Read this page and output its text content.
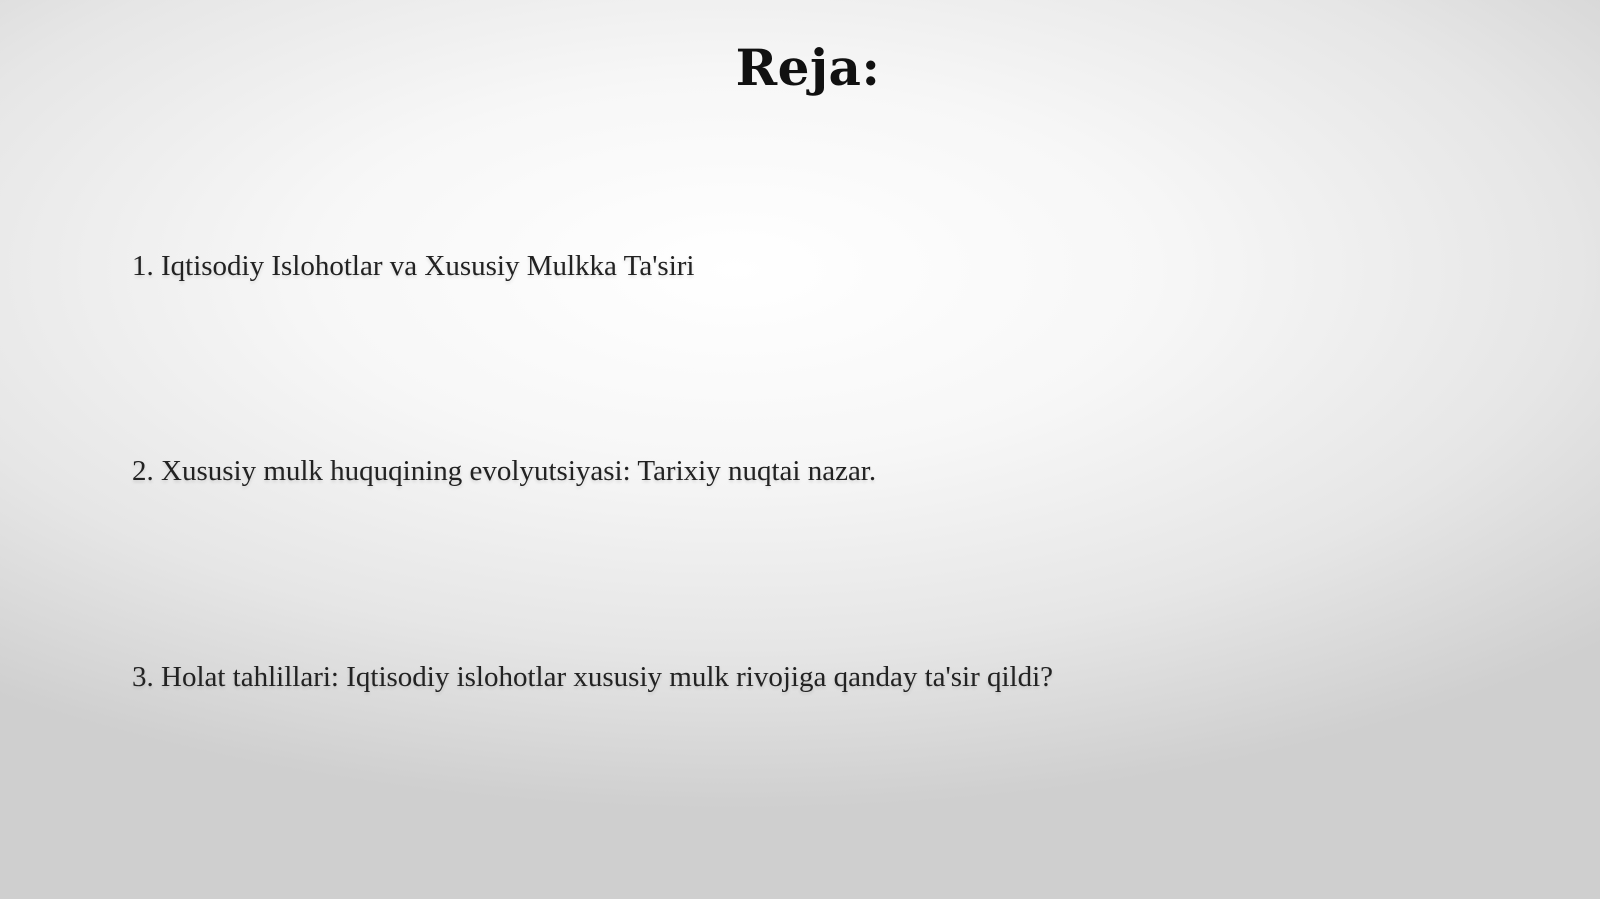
Reja:
1. Iqtisodiy Islohotlar va Xususiy Mulkka Ta'siri
2. Xususiy mulk huquqining evolyutsiyasi: Tarixiy nuqtai nazar.
3. Holat tahlillari: Iqtisodiy islohotlar xususiy mulk rivojiga qanday ta'sir qildi?
